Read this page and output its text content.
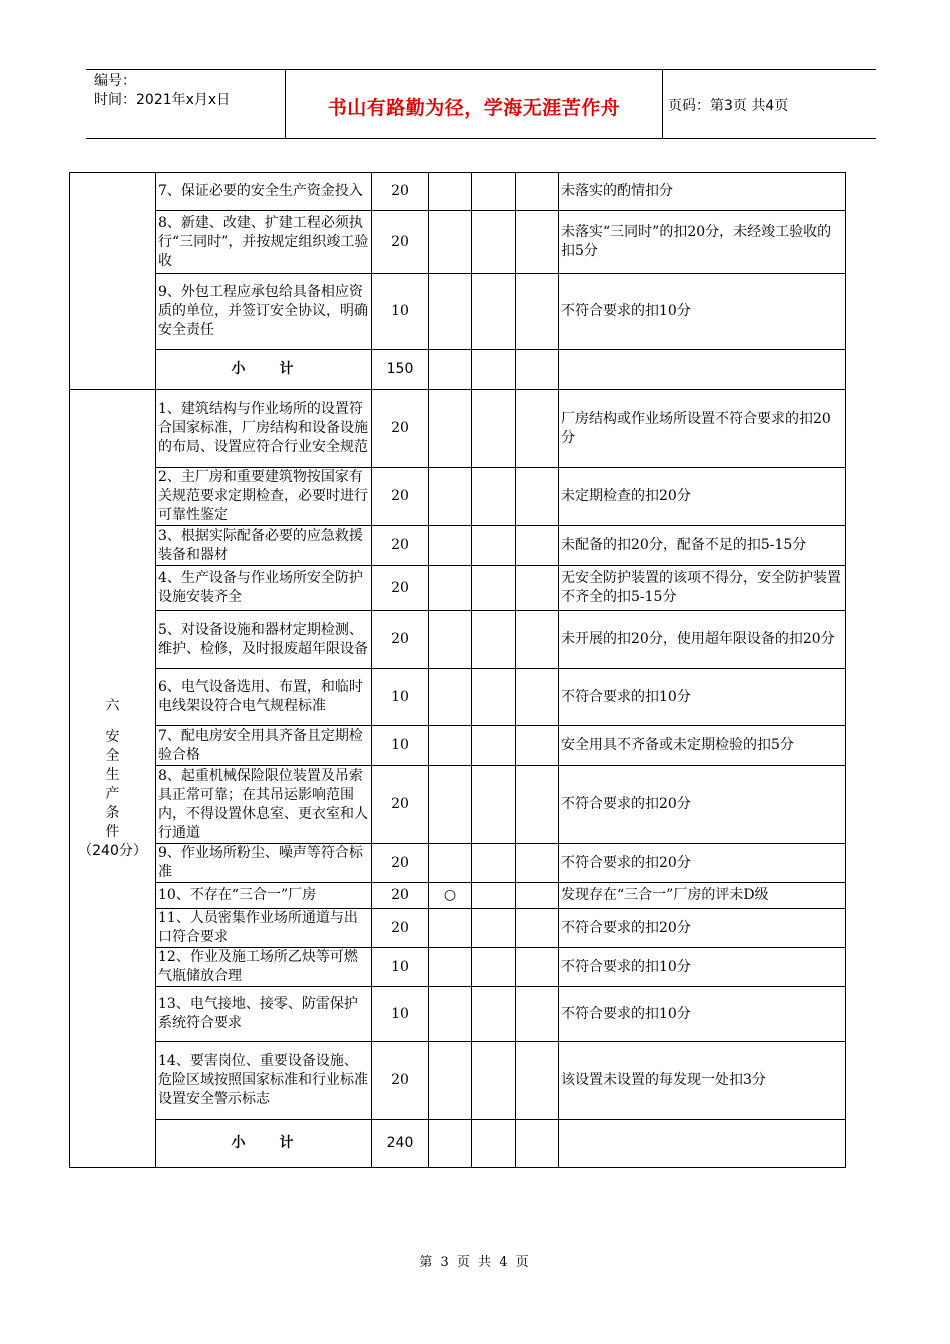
编号：
时间：2021年x月x日	书山有路勤为径，学海无涯苦作舟	页码：第3页 共4页
	7、保证必要的安全生产资金投入	20				未落实的酌情扣分
	8、新建、改建、扩建工程必须执行“三同时”，并按规定组织竣工验收	20				未落实“三同时”的扣20分，未经竣工验收的扣5分
	9、外包工程应承包给具备相应资质的单位，并签订安全协议，明确安全责任	10				不符合要求的扣10分
	小　　计	150				

六
安全生产条件
（240分）	1、建筑结构与作业场所的设置符合国家标准，厂房结构和设备设施的布局、设置应符合行业安全规范	20				厂房结构或作业场所设置不符合要求的扣20分
	2、主厂房和重要建筑物按国家有关规范要求定期检查，必要时进行可靠性鉴定	20				未定期检查的扣20分
	3、根据实际配备必要的应急救援装备和器材	20				未配备的扣20分，配备不足的扣5-15分
	4、生产设备与作业场所安全防护设施安装齐全	20				无安全防护装置的该项不得分，安全防护装置不齐全的扣5-15分
	5、对设备设施和器材定期检测、维护、检修，及时报废超年限设备	20				未开展的扣20分，使用超年限设备的扣20分
	6、电气设备选用、布置，和临时电线架设符合电气规程标准	10				不符合要求的扣10分
	7、配电房安全用具齐备且定期检验合格	10				安全用具不齐备或未定期检验的扣5分
	8、起重机械保险限位装置及吊索具正常可靠；在其吊运影响范围内，不得设置休息室、更衣室和人行通道	20				不符合要求的扣20分
	9、作业场所粉尘、噪声等符合标准	20				不符合要求的扣20分
	10、不存在“三合一”厂房	20	○			发现存在“三合一”厂房的评未D级
	11、人员密集作业场所通道与出口符合要求	20				不符合要求的扣20分
	12、作业及施工场所乙炔等可燃气瓶储放合理	10				不符合要求的扣10分
	13、电气接地、接零、防雷保护系统符合要求	10				不符合要求的扣10分
	14、要害岗位、重要设备设施、危险区域按照国家标准和行业标准设置安全警示标志	20				该设置未设置的每发现一处扣3分
	小　　计	240				
第 3 页 共 4 页
